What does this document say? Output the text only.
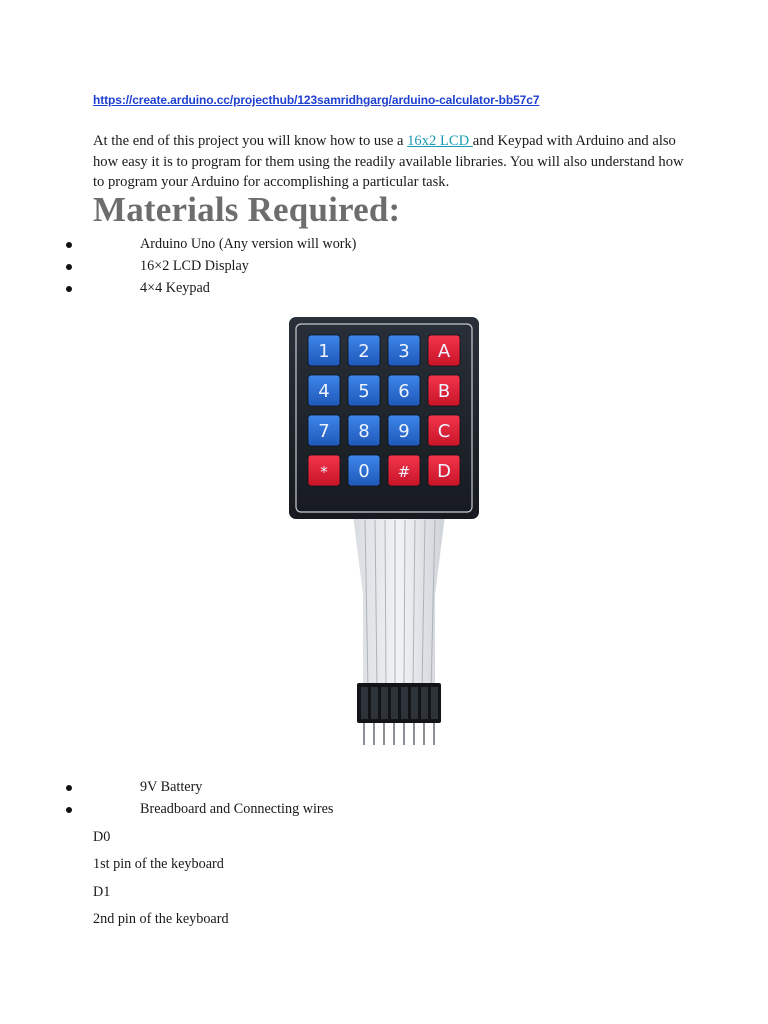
https://create.arduino.cc/projecthub/123samridhgarg/arduino-calculator-bb57c7
At the end of this project you will know how to use a 16x2 LCD and Keypad with Arduino and also how easy it is to program for them using the readily available libraries. You will also understand how to program your Arduino for accomplishing a particular task.
Materials Required:
Arduino Uno (Any version will work)
16×2 LCD Display
4×4 Keypad
1 2 3 A
4 5 6 B
7 8 9 C
* 0 # D
9V Battery
Breadboard and Connecting wires
D0
1st pin of the keyboard
D1
2nd pin of the keyboard
